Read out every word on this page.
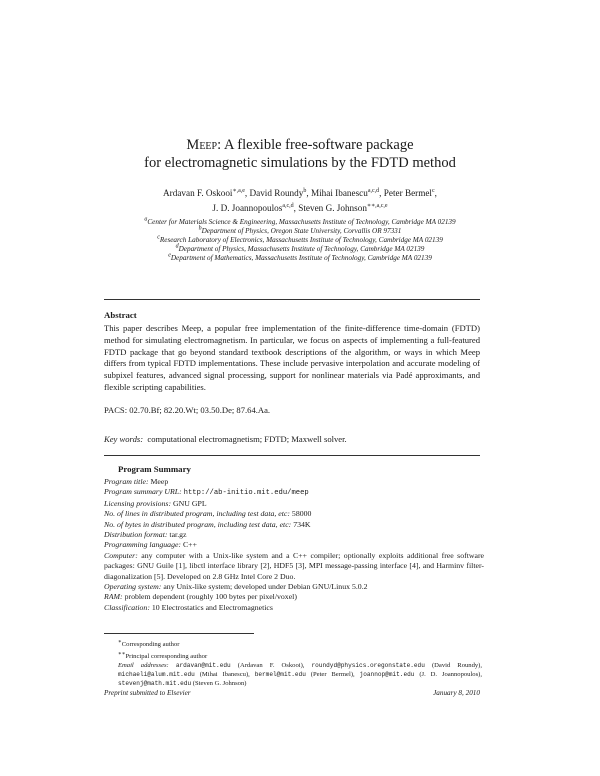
Meep: A flexible free-software package
for electromagnetic simulations by the FDTD method
Ardavan F. Oskooi$^{∗,a,e}$, David Roundy$^b$, Mihai Ibanescu$^{a,c,d}$, Peter Bermel$^c$,
J. D. Joannopoulos$^{a,c,d}$, Steven G. Johnson$^{∗∗,a,c,e}$
$^a$Center for Materials Science & Engineering, Massachusetts Institute of Technology, Cambridge MA 02139
$^b$Department of Physics, Oregon State University, Corvallis OR 97331
$^c$Research Laboratory of Electronics, Massachusetts Institute of Technology, Cambridge MA 02139
$^d$Department of Physics, Massachusetts Institute of Technology, Cambridge MA 02139
$^e$Department of Mathematics, Massachusetts Institute of Technology, Cambridge MA 02139
Abstract
This paper describes Meep, a popular free implementation of the finite-difference time-domain (FDTD) method for simulating electromagnetism. In particular, we focus on aspects of implementing a full-featured FDTD package that go beyond standard textbook descriptions of the algorithm, or ways in which Meep differs from typical FDTD implementations. These include pervasive interpolation and accurate modeling of subpixel features, advanced signal processing, support for nonlinear materials via Padé approximants, and flexible scripting capabilities.
PACS: 02.70.Bf; 82.20.Wt; 03.50.De; 87.64.Aa.
Key words: computational electromagnetism; FDTD; Maxwell solver.
Program Summary
Program title: Meep
Program summary URL: http://ab-initio.mit.edu/meep
Licensing provisions: GNU GPL
No. of lines in distributed program, including test data, etc: 58000
No. of bytes in distributed program, including test data, etc: 734K
Distribution format: tar.gz
Programming language: C++
Computer: any computer with a Unix-like system and a C++ compiler; optionally exploits additional free software packages: GNU Guile [1], libctl interface library [2], HDF5 [3], MPI message-passing interface [4], and Harminv filter-diagonalization [5]. Developed on 2.8 GHz Intel Core 2 Duo.
Operating system: any Unix-like system; developed under Debian GNU/Linux 5.0.2
RAM: problem dependent (roughly 100 bytes per pixel/voxel)
Classification: 10 Electrostatics and Electromagnetics
∗Corresponding author
∗∗Principal corresponding author
Email addresses: ardavan@mit.edu (Ardavan F. Oskooi), roundyd@physics.oregonstate.edu (David Roundy), michaeli@alum.mit.edu (Mihai Ibanescu), bermel@mit.edu (Peter Bermel), joannop@mit.edu (J. D. Joannopoulos), stevenj@math.mit.edu (Steven G. Johnson)
Preprint submitted to Elsevier	January 8, 2010
